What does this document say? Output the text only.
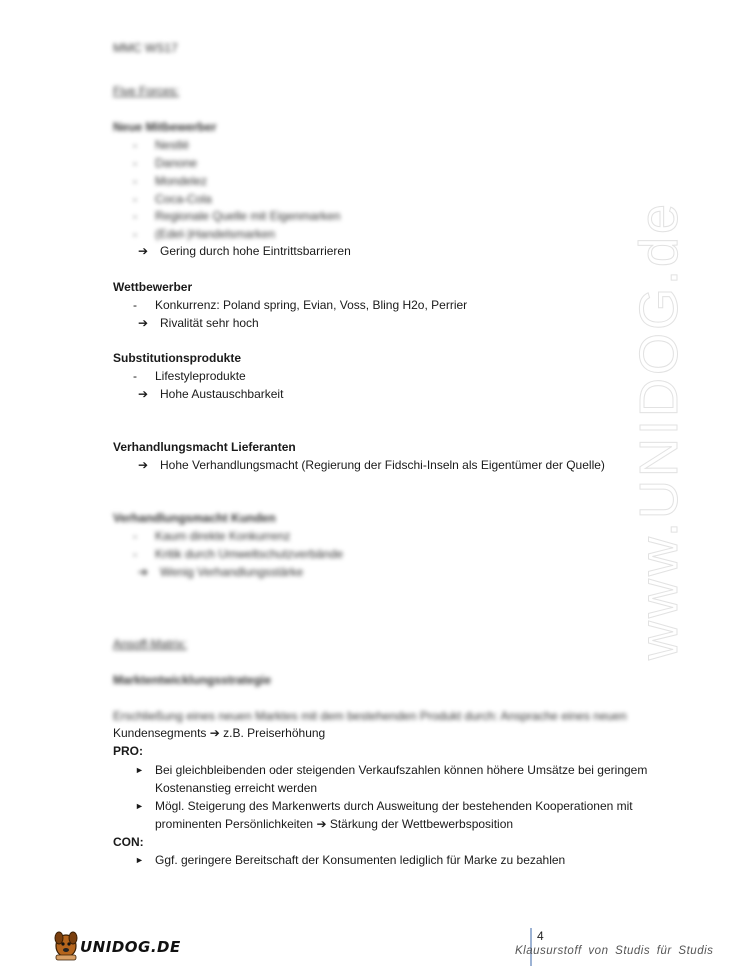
www.UNIDOG.de
MMC WS17
Five Forces:
Neue Mitbewerber
- Nestlé
- Danone
- Mondelez
- Coca-Cola
- Regionale Quelle mit Eigenmarken
- (Edel-)Handelsmarken
➔ Gering durch hohe Eintrittsbarrieren
Wettbewerber
- Konkurrenz: Poland spring, Evian, Voss, Bling H2o, Perrier
➔ Rivalität sehr hoch
Substitutionsprodukte
- Lifestyleprodukte
➔ Hohe Austauschbarkeit
Verhandlungsmacht Lieferanten
➔ Hohe Verhandlungsmacht (Regierung der Fidschi-Inseln als Eigentümer der Quelle)
Verhandlungsmacht Kunden
- Kaum direkte Konkurrenz
- Kritik durch Umweltschutzverbände
➔ Wenig Verhandlungsstärke
Ansoff-Matrix:
Marktentwicklungsstrategie
Erschließung eines neuen Marktes mit dem bestehenden Produkt durch: Ansprache eines neuen
Kundensegments ➔ z.B. Preiserhöhung
PRO:
► Bei gleichbleibenden oder steigenden Verkaufszahlen können höhere Umsätze bei geringem
Kostenanstieg erreicht werden
► Mögl. Steigerung des Markenwerts durch Ausweitung der bestehenden Kooperationen mit
prominenten Persönlichkeiten ➔ Stärkung der Wettbewerbsposition
CON:
► Ggf. geringere Bereitschaft der Konsumenten lediglich für Marke zu bezahlen
UNIDOG.DE
4
Klausurstoff von Studis für Studis
